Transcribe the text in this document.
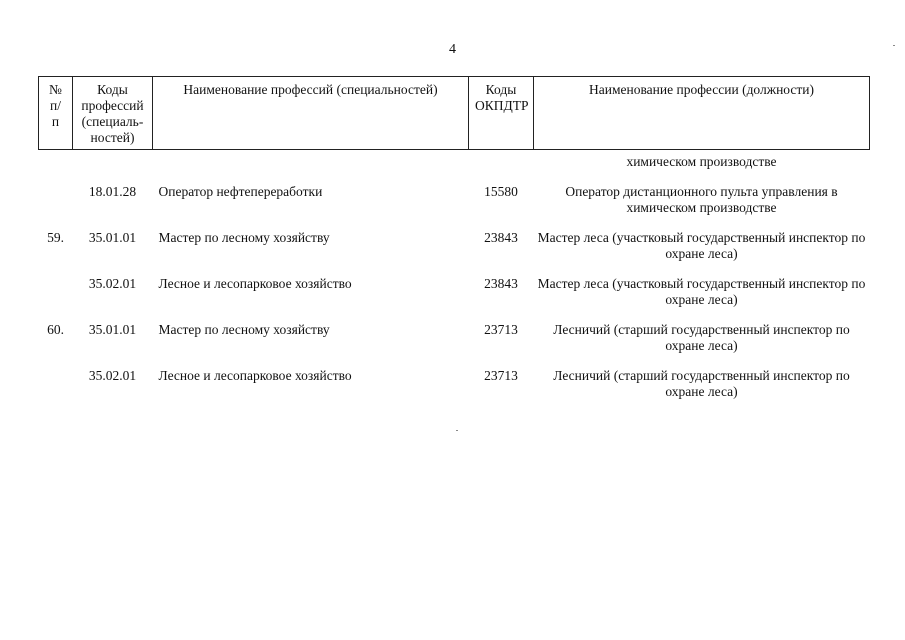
4
№ п/п	Коды профессий (специаль-ностей)	Наименование профессий (специальностей)	Коды ОКПДТР	Наименование профессии (должности)
				химическом производстве
	18.01.28	Оператор нефтепереработки	15580	Оператор дистанционного пульта управления в химическом производстве
59.	35.01.01	Мастер по лесному хозяйству	23843	Мастер леса (участковый государственный инспектор по охране леса)
	35.02.01	Лесное и лесопарковое хозяйство	23843	Мастер леса (участковый государственный инспектор по охране леса)
60.	35.01.01	Мастер по лесному хозяйству	23713	Лесничий (старший государственный инспектор по охране леса)
	35.02.01	Лесное и лесопарковое хозяйство	23713	Лесничий (старший государственный инспектор по охране леса)
